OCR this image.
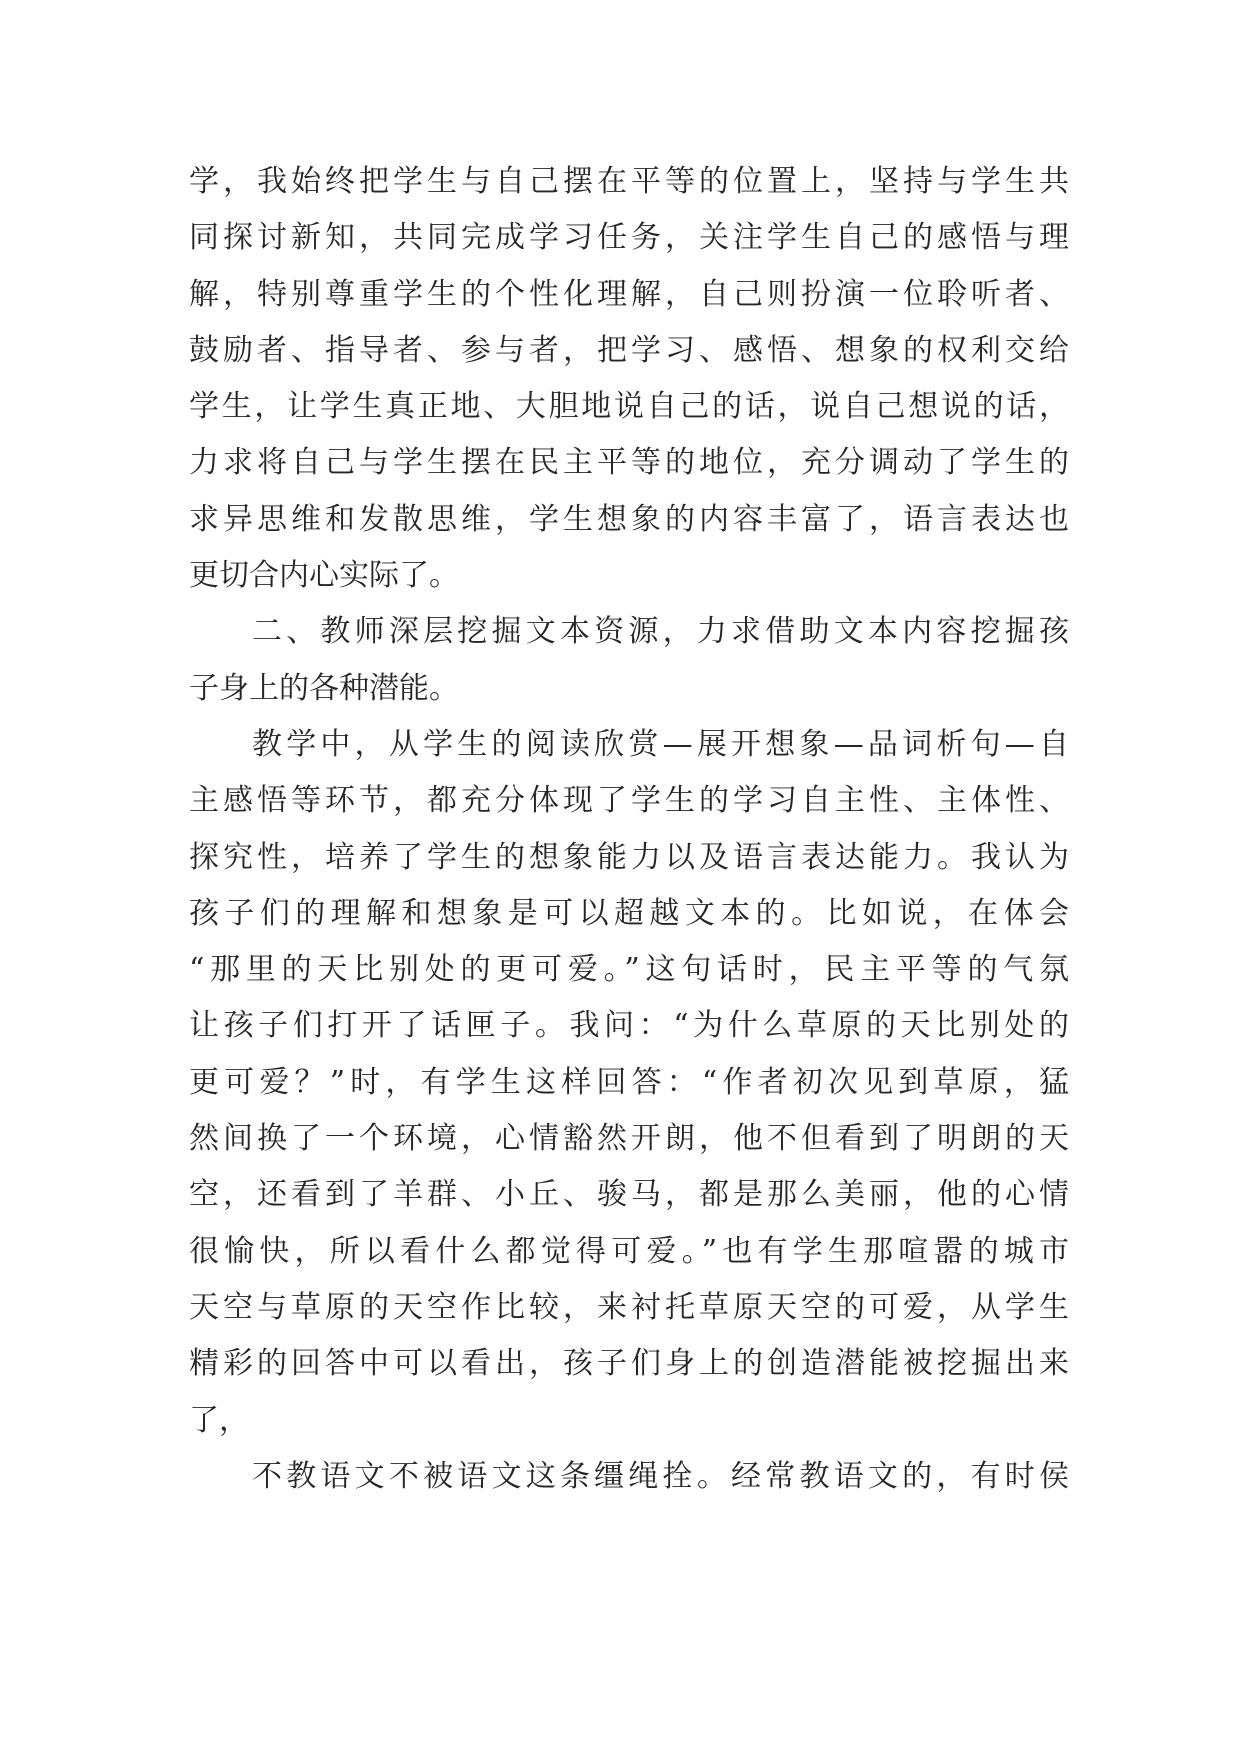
学，我始终把学生与自己摆在平等的位置上，坚持与学生共
同探讨新知，共同完成学习任务，关注学生自己的感悟与理
解，特别尊重学生的个性化理解，自己则扮演一位聆听者、
鼓励者、指导者、参与者，把学习、感悟、想象的权利交给
学生，让学生真正地、大胆地说自己的话，说自己想说的话，
力求将自己与学生摆在民主平等的地位，充分调动了学生的
求异思维和发散思维，学生想象的内容丰富了，语言表达也
更切合内心实际了。
二、教师深层挖掘文本资源，力求借助文本内容挖掘孩
子身上的各种潜能。
教学中，从学生的阅读欣赏—展开想象—品词析句—自
主感悟等环节，都充分体现了学生的学习自主性、主体性、
探究性，培养了学生的想象能力以及语言表达能力。我认为
孩子们的理解和想象是可以超越文本的。比如说，在体会
“那里的天比别处的更可爱。”这句话时，民主平等的气氛
让孩子们打开了话匣子。我问：“为什么草原的天比别处的
更可爱？”时，有学生这样回答：“作者初次见到草原，猛
然间换了一个环境，心情豁然开朗，他不但看到了明朗的天
空，还看到了羊群、小丘、骏马，都是那么美丽，他的心情
很愉快，所以看什么都觉得可爱。”也有学生那喧嚣的城市
天空与草原的天空作比较，来衬托草原天空的可爱，从学生
精彩的回答中可以看出，孩子们身上的创造潜能被挖掘出来
了，
不教语文不被语文这条缰绳拴。经常教语文的，有时侯
